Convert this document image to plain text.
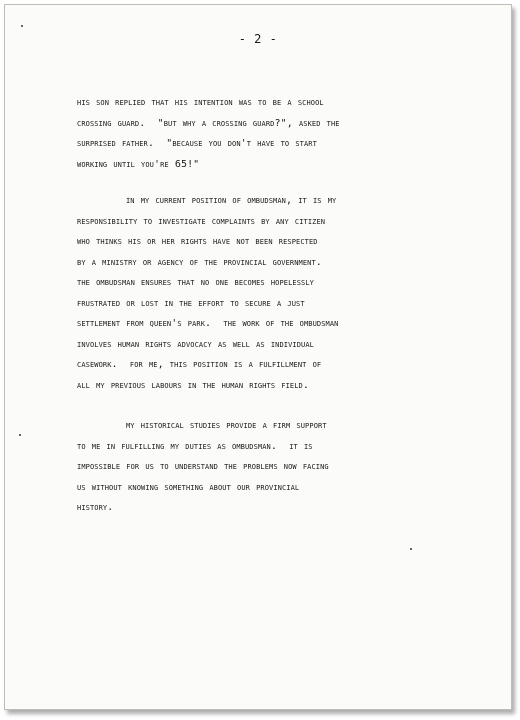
- 2 -

his son replied that his intention was to be a school
crossing guard.  "but why a crossing guard?", asked the
surprised father.  "because you don't have to start
working until you're 65!"

in my current position of ombudsman, it is my
responsibility to investigate complaints by any citizen
who thinks his or her rights have not been respected
by a ministry or agency of the provincial government.
the ombudsman ensures that no one becomes hopelessly
frustrated or lost in the effort to secure a just
settlement from queen's park.  the work of the ombudsman
involves human rights advocacy as well as individual
casework.  for me, this position is a fulfillment of
all my previous labours in the human rights field.

my historical studies provide a firm support
to me in fulfilling my duties as ombudsman.  it is
impossible for us to understand the problems now facing
us without knowing something about our provincial
history.
